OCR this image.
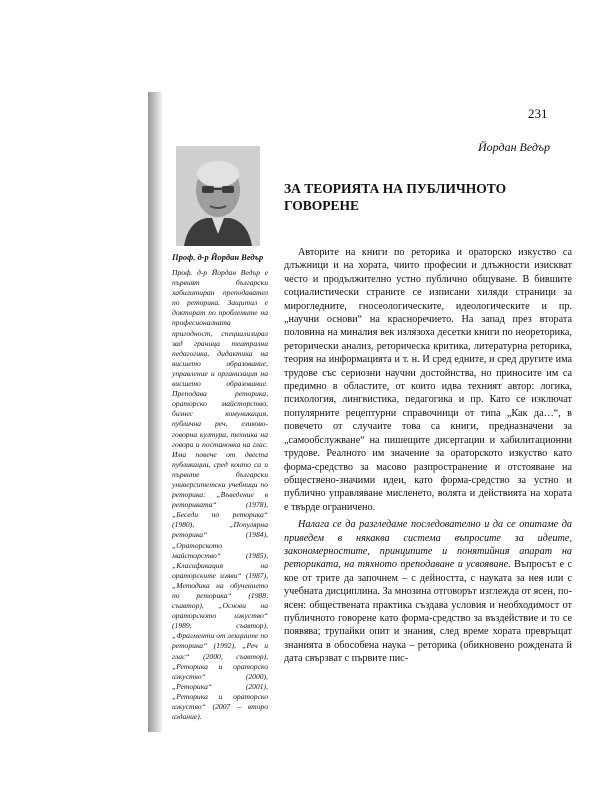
231
Йордан Ведър
ЗА ТЕОРИЯТА НА ПУБЛИЧНОТО ГОВОРЕНЕ
Проф. д-р Йордан Ведър

Проф. д-р Йордан Ведър е първият български хабилитиран преподавател по реторика. Защитил е докторат по проблемите на професионалната пригодност, специализирал зад граница театрална педагогика, дидактика на висшето образование, управление и организация на висшето образование. Преподава реторика, ораторско майсторство, бизнес комуникация, публична реч, езиково-говорна култура, техника на говора и постановка на глас. Има повече от двеста публикации, сред които са и първите български университетски учебници по реторика: „Въведение в реториката“ (1978), „Беседи по реторика“ (1980), „Популярна реторика“ (1984), „Ораторското майсторство“ (1985), „Класификация на ораторските изяви“ (1987), „Методика на обучението по реторика“ (1988, съавтор), „Основи на ораторското изкуство“ (1989, съавтор), „Фрагменти от лекциите по реторика“ (1992), „Реч и глас“ (2000, съавтор), „Реторика и ораторско изкуство“ (2000), „Реторика“ (2001), „Реторика и ораторско изкуство“ (2007 – второ издание).

Авторите на книги по реторика и ораторско изкуство са длъжници и на хората, чиито професии и длъжности изискват често и продължително устно публично общуване. В бившите социалистически страните се изписани хиляди страници за мирогледните, гносеологическите, идеологическите и пр. „научни основи“ на красноречието. На запад през втората половина на миналия век излязоха десетки книги по неореторика, реторически анализ, реторическа критика, литературна реторика, теория на информацията и т. н. И сред едните, и сред другите има трудове със сериозни научни достойнства, но приносите им са предимно в областите, от които идва техният автор: логика, психология, лингвистика, педагогика и пр. Като се изключат популярните рецептурни справочници от типа „Как да…“, в повечето от случаите това са книги, предназначени за „самообслужване“ на пишещите дисертации и хабилитационни трудове. Реалното им значение за ораторското изкуство като форма-средство за масово разпространение и отстояване на обществено-значими идеи, като форма-средство за устно и публично управляване мисленето, волята и действията на хората е твърде ограничено.

Налага се да разгледаме последователно и да се опитаме да приведем в някаква система въпросите за идеите, закономерностите, принципите и понятийния апарат на реториката, на тяхното преподаване и усвояване. Въпросът е с кое от трите да започнем – с дейността, с науката за нея или с учебната дисциплина. За мнозина отговорът изглежда от ясен, по-ясен: обществената практика създава условия и необходимост от публичното говорене като форма-средство за въздействие и то се появява; трупайки опит и знания, след време хората превръщат знанията в обособена наука – реторика (обикновено рождената й дата свързват с първите пис-
